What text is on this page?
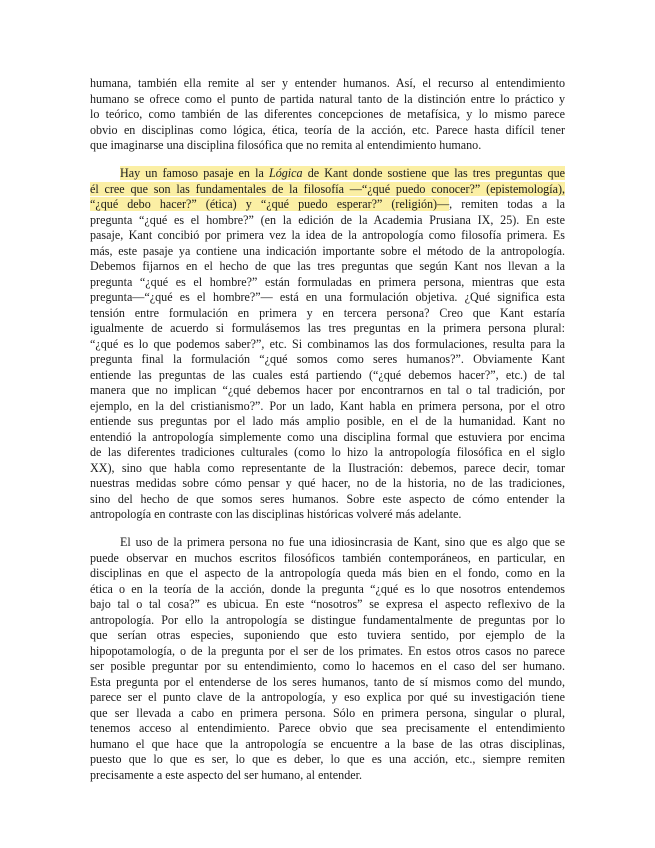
humana, también ella remite al ser y entender humanos. Así, el recurso al entendimiento
humano se ofrece como el punto de partida natural tanto de la distinción entre lo práctico y
lo teórico, como también de las diferentes concepciones de metafísica, y lo mismo parece
obvio en disciplinas como lógica, ética, teoría de la acción, etc. Parece hasta difícil tener
que imaginarse una disciplina filosófica que no remita al entendimiento humano.
Hay un famoso pasaje en la Lógica de Kant donde sostiene que las tres preguntas que
él cree que son las fundamentales de la filosofía —“¿qué puedo conocer?” (epistemología),
“¿qué debo hacer?” (ética) y “¿qué puedo esperar?” (religión)—, remiten todas a la
pregunta “¿qué es el hombre?” (en la edición de la Academia Prusiana IX, 25). En este
pasaje, Kant concibió por primera vez la idea de la antropología como filosofía primera. Es
más, este pasaje ya contiene una indicación importante sobre el método de la antropología.
Debemos fijarnos en el hecho de que las tres preguntas que según Kant nos llevan a la
pregunta “¿qué es el hombre?” están formuladas en primera persona, mientras que esta
pregunta—“¿qué es el hombre?”— está en una formulación objetiva. ¿Qué significa esta
tensión entre formulación en primera y en tercera persona? Creo que Kant estaría
igualmente de acuerdo si formulásemos las tres preguntas en la primera persona plural:
“¿qué es lo que podemos saber?”, etc. Si combinamos las dos formulaciones, resulta para la
pregunta final la formulación “¿qué somos como seres humanos?”. Obviamente Kant
entiende las preguntas de las cuales está partiendo (“¿qué debemos hacer?”, etc.) de tal
manera que no implican “¿qué debemos hacer por encontrarnos en tal o tal tradición, por
ejemplo, en la del cristianismo?”. Por un lado, Kant habla en primera persona, por el otro
entiende sus preguntas por el lado más amplio posible, en el de la humanidad. Kant no
entendió la antropología simplemente como una disciplina formal que estuviera por encima
de las diferentes tradiciones culturales (como lo hizo la antropología filosófica en el siglo
XX), sino que habla como representante de la Ilustración: debemos, parece decir, tomar
nuestras medidas sobre cómo pensar y qué hacer, no de la historia, no de las tradiciones,
sino del hecho de que somos seres humanos. Sobre este aspecto de cómo entender la
antropología en contraste con las disciplinas históricas volveré más adelante.
El uso de la primera persona no fue una idiosincrasia de Kant, sino que es algo que se
puede observar en muchos escritos filosóficos también contemporáneos, en particular, en
disciplinas en que el aspecto de la antropología queda más bien en el fondo, como en la
ética o en la teoría de la acción, donde la pregunta “¿qué es lo que nosotros entendemos
bajo tal o tal cosa?” es ubicua. En este “nosotros” se expresa el aspecto reflexivo de la
antropología. Por ello la antropología se distingue fundamentalmente de preguntas por lo
que serían otras especies, suponiendo que esto tuviera sentido, por ejemplo de la
hipopotamología, o de la pregunta por el ser de los primates. En estos otros casos no parece
ser posible preguntar por su entendimiento, como lo hacemos en el caso del ser humano.
Esta pregunta por el entenderse de los seres humanos, tanto de sí mismos como del mundo,
parece ser el punto clave de la antropología, y eso explica por qué su investigación tiene
que ser llevada a cabo en primera persona. Sólo en primera persona, singular o plural,
tenemos acceso al entendimiento. Parece obvio que sea precisamente el entendimiento
humano el que hace que la antropología se encuentre a la base de las otras disciplinas,
puesto que lo que es ser, lo que es deber, lo que es una acción, etc., siempre remiten
precisamente a este aspecto del ser humano, al entender.
